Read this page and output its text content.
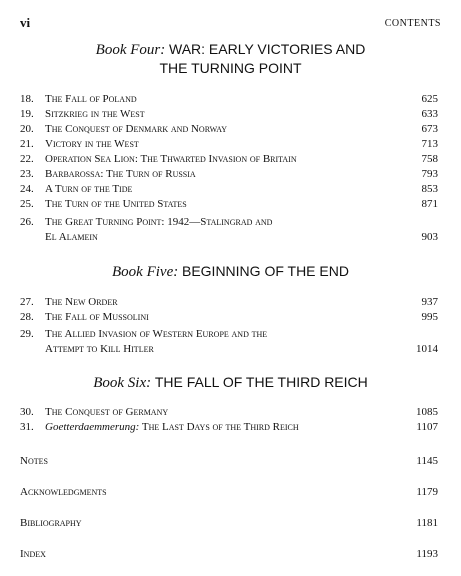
vi	CONTENTS
Book Four: WAR: EARLY VICTORIES AND
THE TURNING POINT
18.	The Fall of Poland	625
19.	Sitzkrieg in the West	633
20.	The Conquest of Denmark and Norway	673
21.	Victory in the West	713
22.	Operation Sea Lion: The Thwarted Invasion of Britain	758
23.	Barbarossa: The Turn of Russia	793
24.	A Turn of the Tide	853
25.	The Turn of the United States	871
26.	The Great Turning Point: 1942—Stalingrad and
El Alamein	903
Book Five: BEGINNING OF THE END
27.	The New Order	937
28.	The Fall of Mussolini	995
29.	The Allied Invasion of Western Europe and the
Attempt to Kill Hitler	1014
Book Six: THE FALL OF THE THIRD REICH
30.	The Conquest of Germany	1085
31.	Goetterdaemmerung: The Last Days of the Third Reich	1107
Notes	1145
Acknowledgments	1179
Bibliography	1181
Index	1193
